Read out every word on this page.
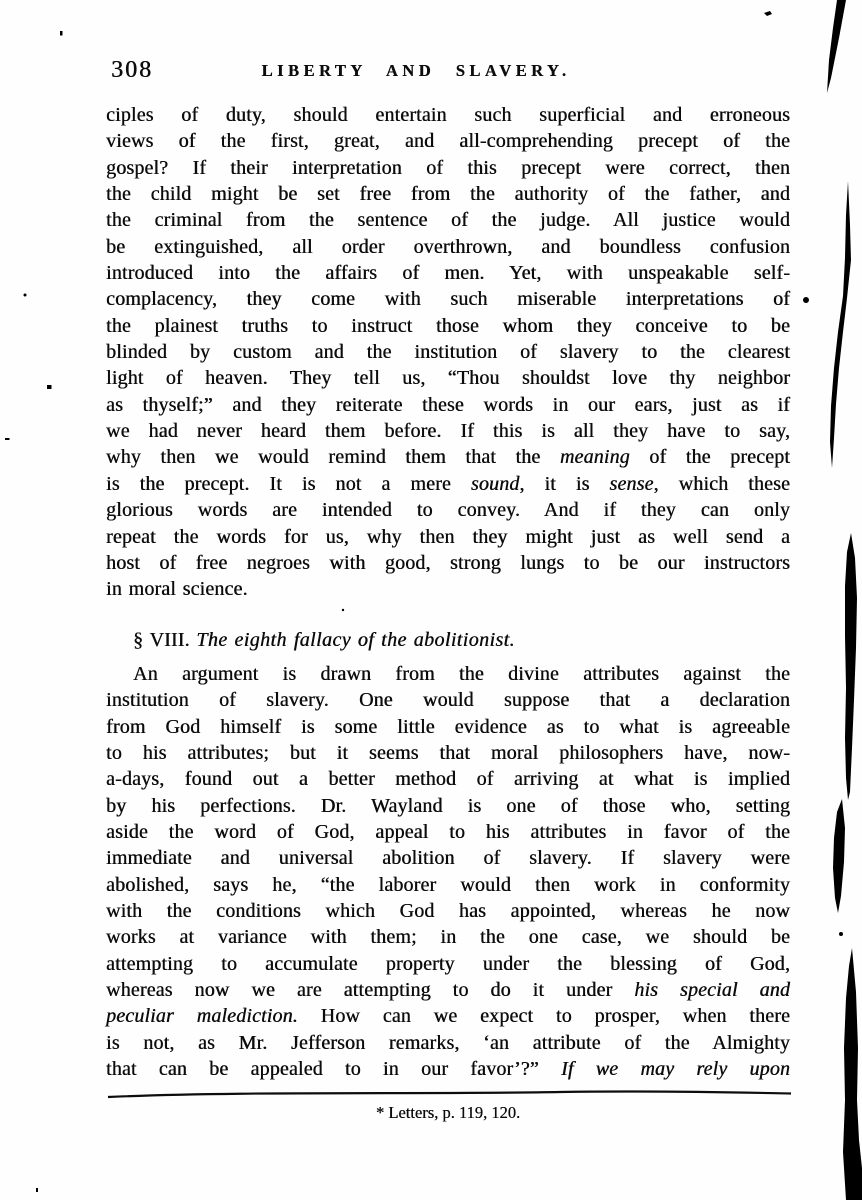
308	LIBERTY AND SLAVERY.
ciples of duty, should entertain such superficial and erroneous
views of the first, great, and all-comprehending precept of the
gospel? If their interpretation of this precept were correct, then
the child might be set free from the authority of the father, and
the criminal from the sentence of the judge. All justice would
be extinguished, all order overthrown, and boundless confusion
introduced into the affairs of men. Yet, with unspeakable self-
complacency, they come with such miserable interpretations of
the plainest truths to instruct those whom they conceive to be
blinded by custom and the institution of slavery to the clearest
light of heaven. They tell us, “Thou shouldst love thy neighbor
as thyself;” and they reiterate these words in our ears, just as if
we had never heard them before. If this is all they have to say,
why then we would remind them that the meaning of the precept
is the precept. It is not a mere sound, it is sense, which these
glorious words are intended to convey. And if they can only
repeat the words for us, why then they might just as well send a
host of free negroes with good, strong lungs to be our instructors
in moral science.
§ VIII. The eighth fallacy of the abolitionist.
An argument is drawn from the divine attributes against the
institution of slavery. One would suppose that a declaration
from God himself is some little evidence as to what is agreeable
to his attributes; but it seems that moral philosophers have, now-
a-days, found out a better method of arriving at what is implied
by his perfections. Dr. Wayland is one of those who, setting
aside the word of God, appeal to his attributes in favor of the
immediate and universal abolition of slavery. If slavery were
abolished, says he, “the laborer would then work in conformity
with the conditions which God has appointed, whereas he now
works at variance with them; in the one case, we should be
attempting to accumulate property under the blessing of God,
whereas now we are attempting to do it under his special and
peculiar malediction. How can we expect to prosper, when there
is not, as Mr. Jefferson remarks, ‘an attribute of the Almighty
that can be appealed to in our favor’?” If we may rely upon
* Letters, p. 119, 120.
